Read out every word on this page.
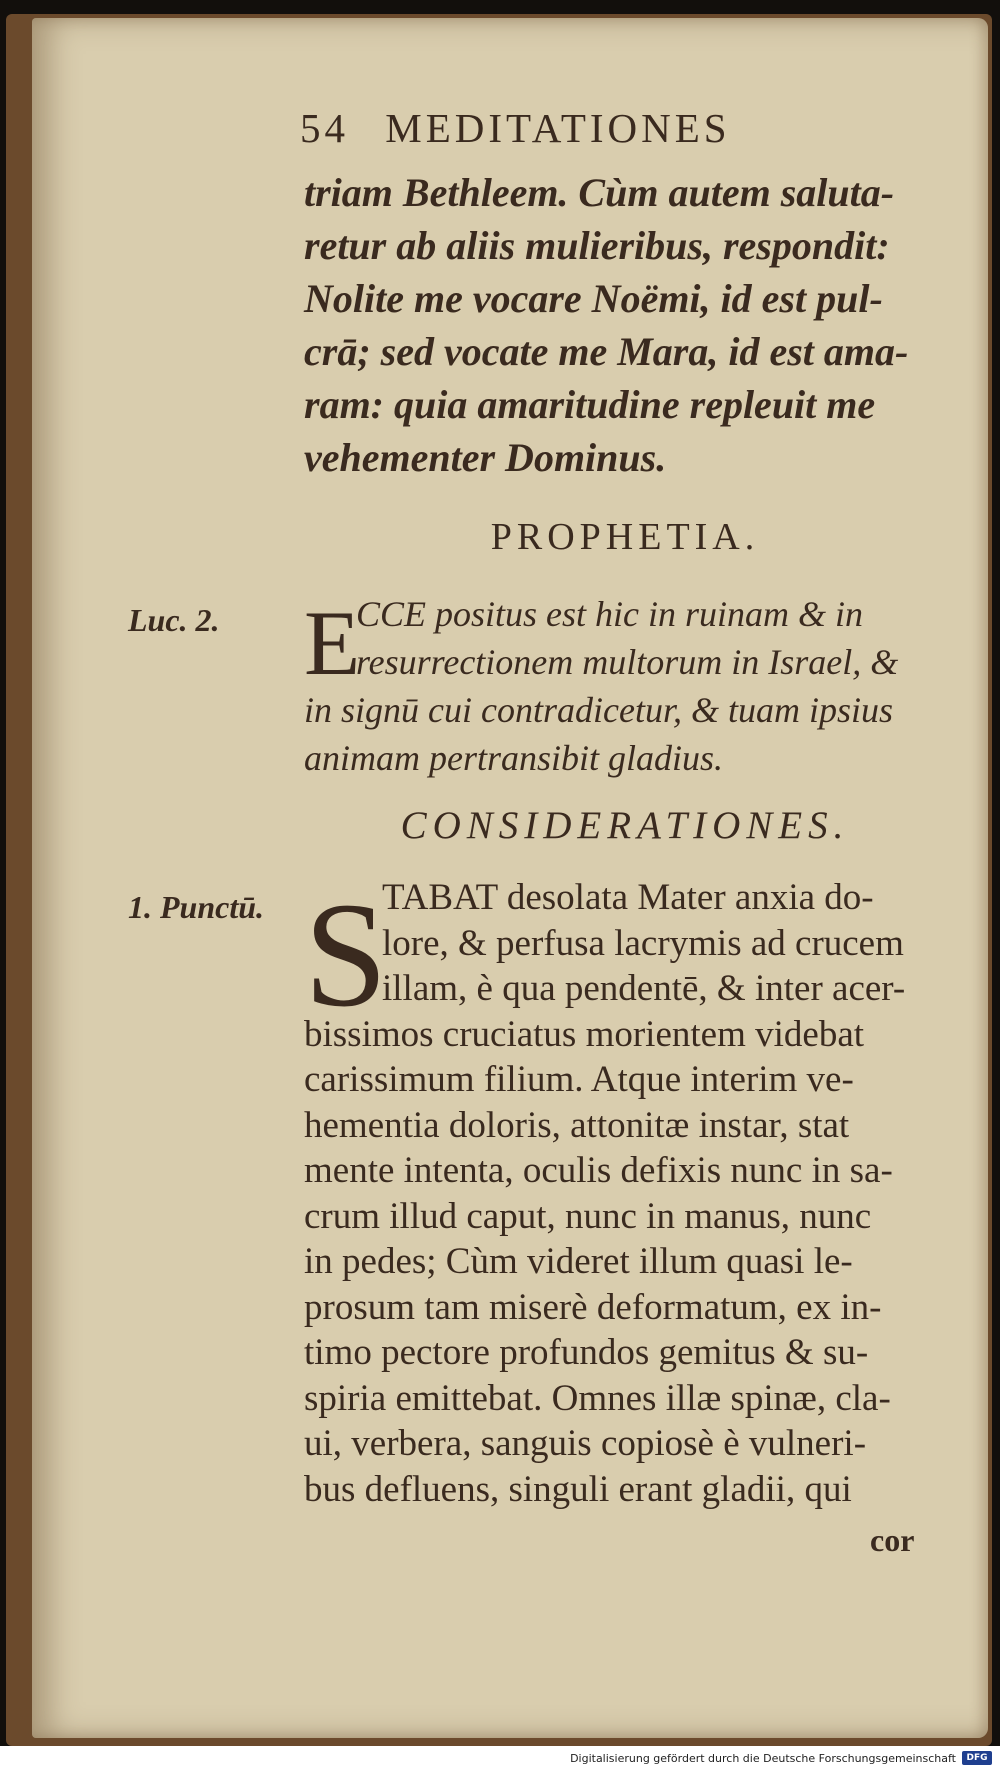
54 MEDITATIONES
triam Bethleem. Cùm autem saluta-
retur ab aliis mulieribus, respondit:
Nolite me vocare Noëmi, id est pul-
crā; sed vocate me Mara, id est ama-
ram: quia amaritudine repleuit me
vehementer Dominus.
PROPHETIA.
Luc. 2. E
CCE positus est hic in ruinam & in
resurrectionem multorum in Israel, &
in signū cui contradicetur, & tuam ipsius
animam pertransibit gladius.
CONSIDERATIONES.
1. Punctū. S
TABAT desolata Mater anxia do-
lore, & perfusa lacrymis ad crucem
illam, è qua pendentē, & inter acer-
bissimos cruciatus morientem videbat
carissimum filium. Atque interim ve-
hementia doloris, attonitæ instar, stat
mente intenta, oculis defixis nunc in sa-
crum illud caput, nunc in manus, nunc
in pedes; Cùm videret illum quasi le-
prosum tam miserè deformatum, ex in-
timo pectore profundos gemitus & su-
spiria emittebat. Omnes illæ spinæ, cla-
ui, verbera, sanguis copiosè è vulneri-
bus defluens, singuli erant gladii, qui
cor
Digitalisierung gefördert durch die Deutsche Forschungsgemeinschaft	DFG
